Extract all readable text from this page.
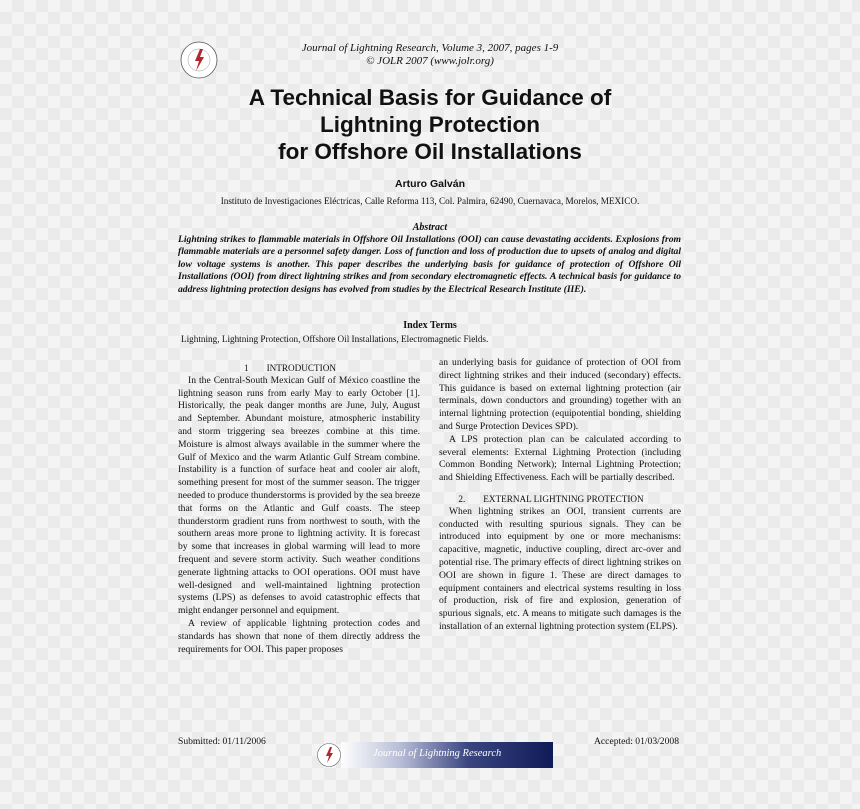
Journal of Lightning Research, Volume 3, 2007, pages 1-9
© JOLR 2007 (www.jolr.org)
A Technical Basis for Guidance of
Lightning Protection
for Offshore Oil Installations
Arturo Galván
Instituto de Investigaciones Eléctricas, Calle Reforma 113, Col. Palmira, 62490, Cuernavaca, Morelos, MEXICO.
Abstract
Lightning strikes to flammable materials in Offshore Oil Installations (OOI) can cause devastating accidents. Explosions from flammable materials are a personnel safety danger. Loss of function and loss of production due to upsets of analog and digital low voltage systems is another. This paper describes the underlying basis for guidance of protection of Offshore Oil Installations (OOI) from direct lightning strikes and from secondary electromagnetic effects. A technical basis for guidance to address lightning protection designs has evolved from studies by the Electrical Research Institute (IIE).
Index Terms
Lightning, Lightning Protection, Offshore Oil Installations, Electromagnetic Fields.

1 INTRODUCTION

In the Central-South Mexican Gulf of México coastline the lightning season runs from early May to early October [1]. Historically, the peak danger months are June, July, August and September. Abundant moisture, atmospheric instability and storm triggering sea breezes combine at this time. Moisture is almost always available in the summer where the Gulf of Mexico and the warm Atlantic Gulf Stream combine. Instability is a function of surface heat and cooler air aloft, something present for most of the summer season. The trigger needed to produce thunderstorms is provided by the sea breeze that forms on the Atlantic and Gulf coasts. The steep thunderstorm gradient runs from northwest to south, with the southern areas more prone to lightning activity. It is forecast by some that increases in global warming will lead to more frequent and severe storm activity. Such weather conditions generate lightning attacks to OOI operations. OOI must have well-designed and well-maintained lightning protection systems (LPS) as defenses to avoid catastrophic effects that might endanger personnel and equipment.

A review of applicable lightning protection codes and standards has shown that none of them directly address the requirements for OOI. This paper proposes

an underlying basis for guidance of protection of OOI from direct lightning strikes and their induced (secondary) effects. This guidance is based on external lightning protection (air terminals, down conductors and grounding) together with an internal lightning protection (equipotential bonding, shielding and Surge Protection Devices SPD).

A LPS protection plan can be calculated according to several elements: External Lightning Protection (including Common Bonding Network); Internal Lightning Protection; and Shielding Effectiveness. Each will be partially described.

2. EXTERNAL LIGHTNING PROTECTION

When lightning strikes an OOI, transient currents are conducted with resulting spurious signals. They can be introduced into equipment by one or more mechanisms: capacitive, magnetic, inductive coupling, direct arc-over and potential rise. The primary effects of direct lightning strikes on OOI are shown in figure 1. These are direct damages to equipment containers and electrical systems resulting in loss of production, risk of fire and explosion, generation of spurious signals, etc. A means to mitigate such damages is the installation of an external lightning protection system (ELPS).

Submitted: 01/11/2006
Journal of Lightning Research
Accepted: 01/03/2008
